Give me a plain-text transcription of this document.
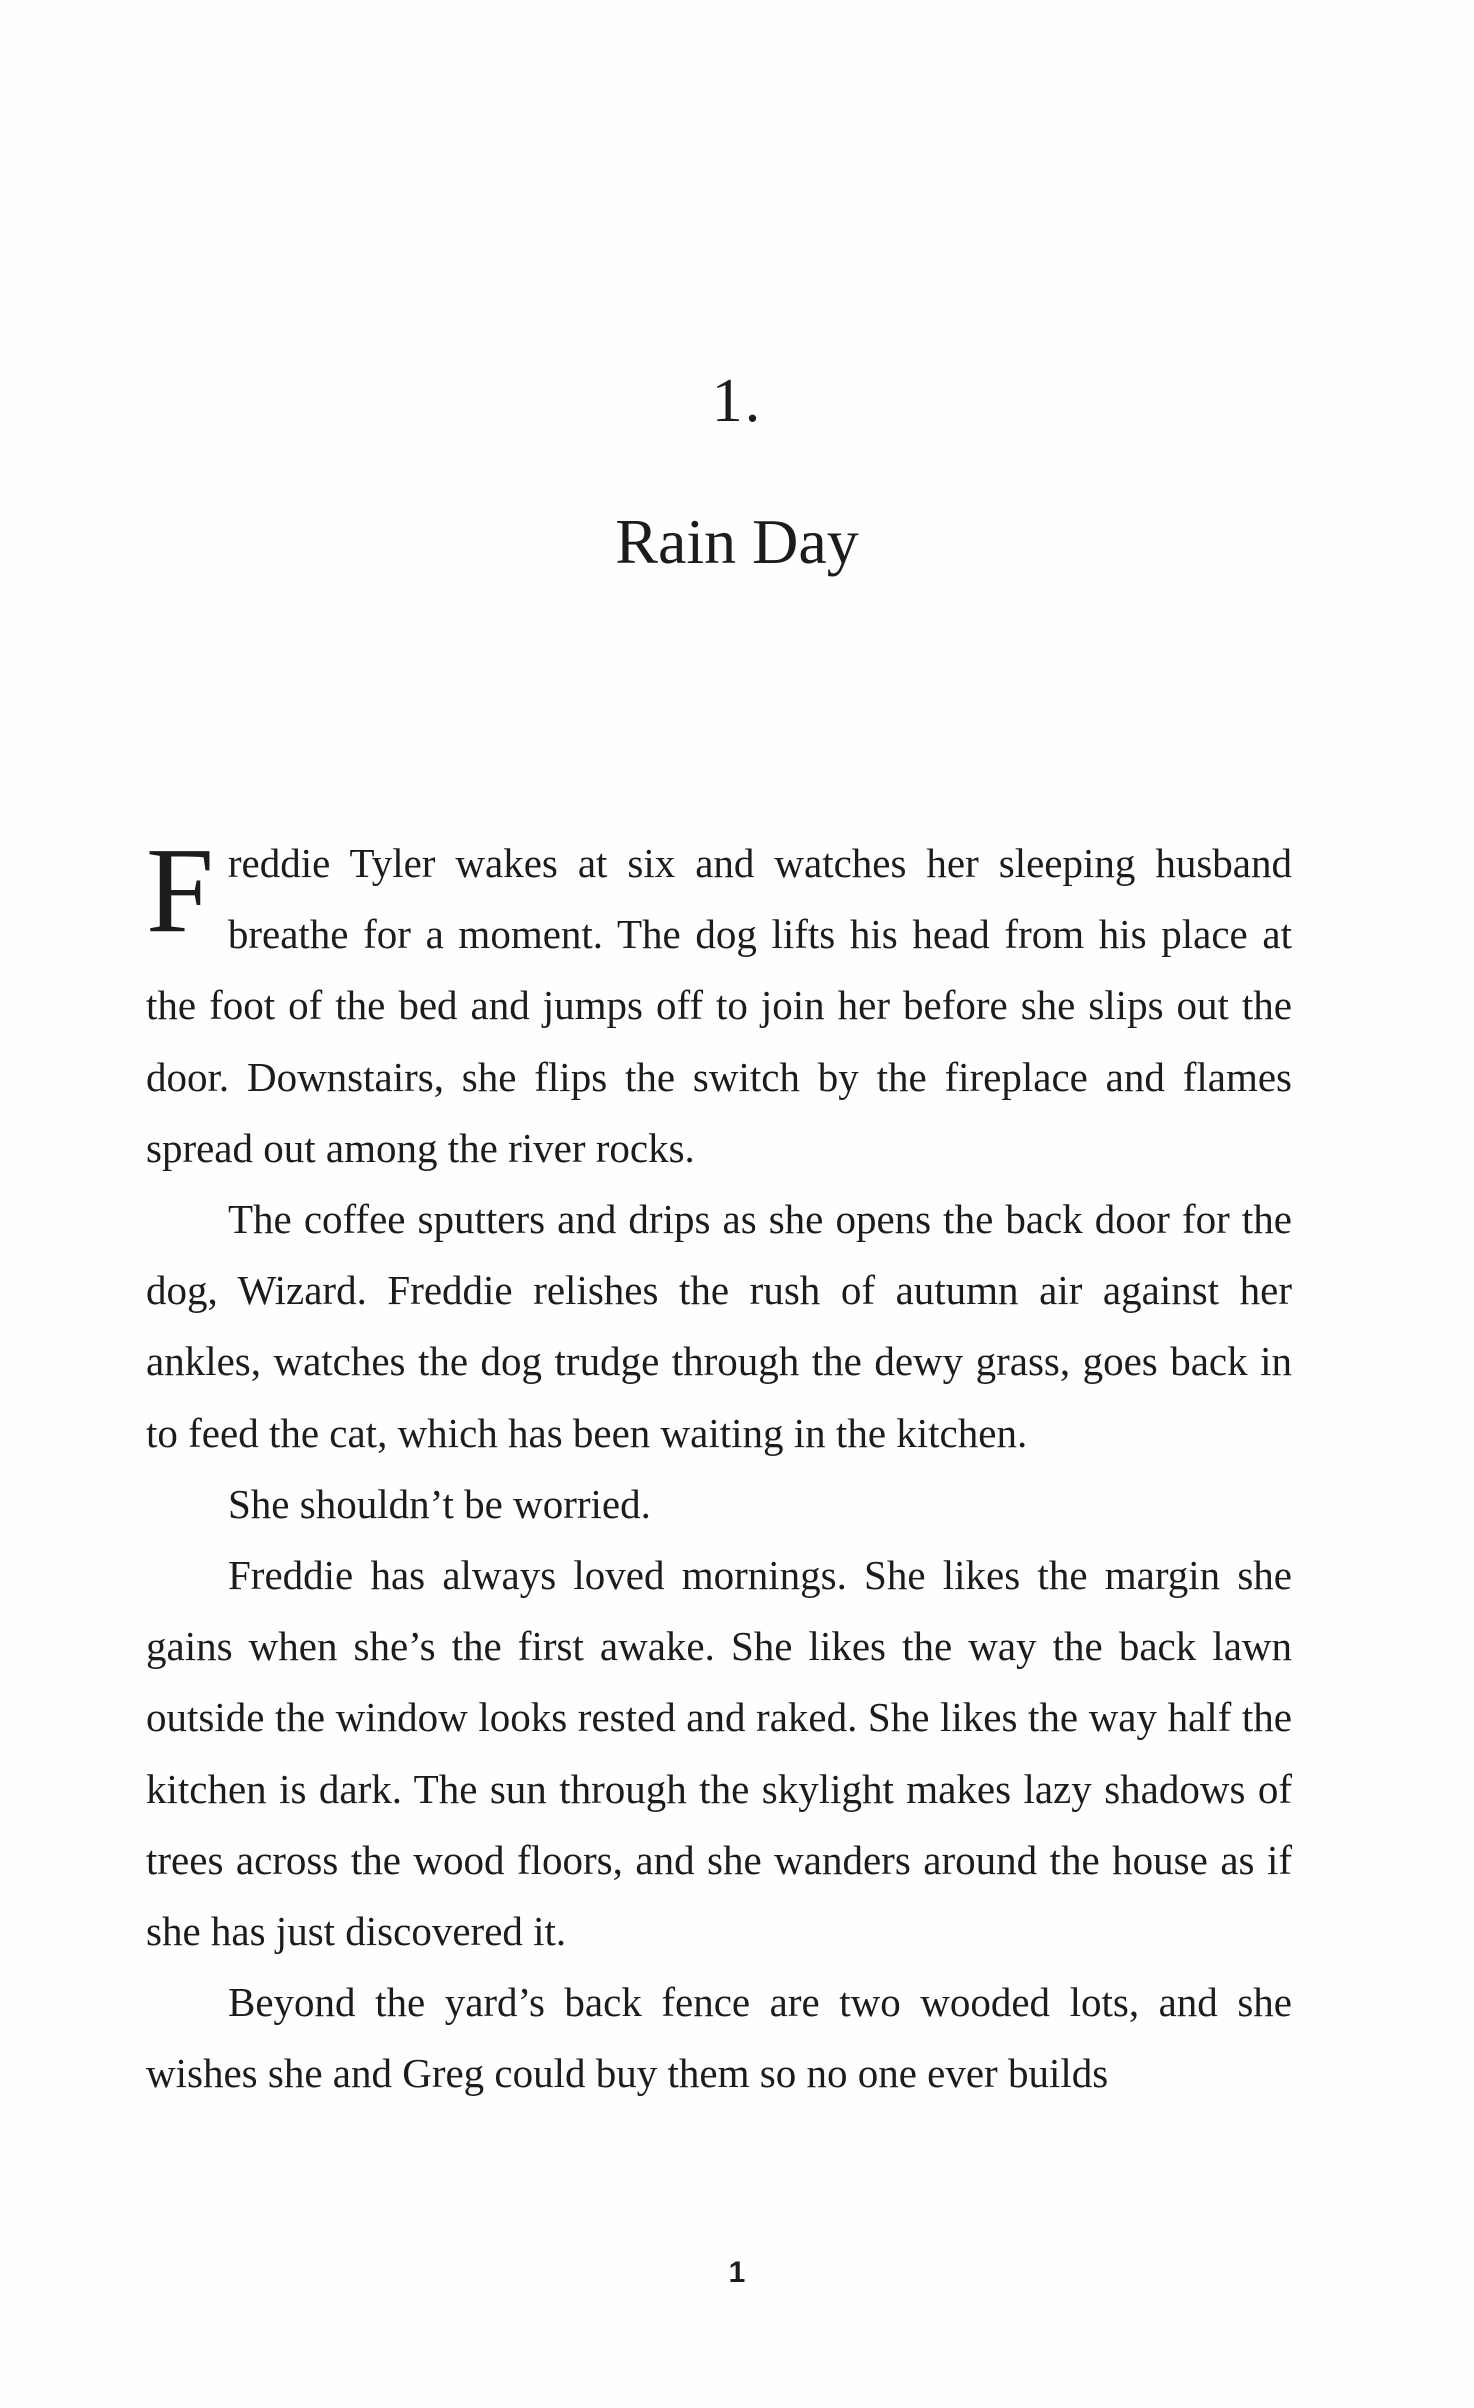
1.
Rain Day

Freddie Tyler wakes at six and watches her sleeping husband breathe for a moment. The dog lifts his head from his place at the foot of the bed and jumps off to join her before she slips out the door. Downstairs, she flips the switch by the fireplace and flames spread out among the river rocks.

The coffee sputters and drips as she opens the back door for the dog, Wizard. Freddie relishes the rush of autumn air against her ankles, watches the dog trudge through the dewy grass, goes back in to feed the cat, which has been waiting in the kitchen.

She shouldn’t be worried.

Freddie has always loved mornings. She likes the margin she gains when she’s the first awake. She likes the way the back lawn outside the window looks rested and raked. She likes the way half the kitchen is dark. The sun through the skylight makes lazy shadows of trees across the wood floors, and she wanders around the house as if she has just discovered it.

Beyond the yard’s back fence are two wooded lots, and she wishes she and Greg could buy them so no one ever builds

1
